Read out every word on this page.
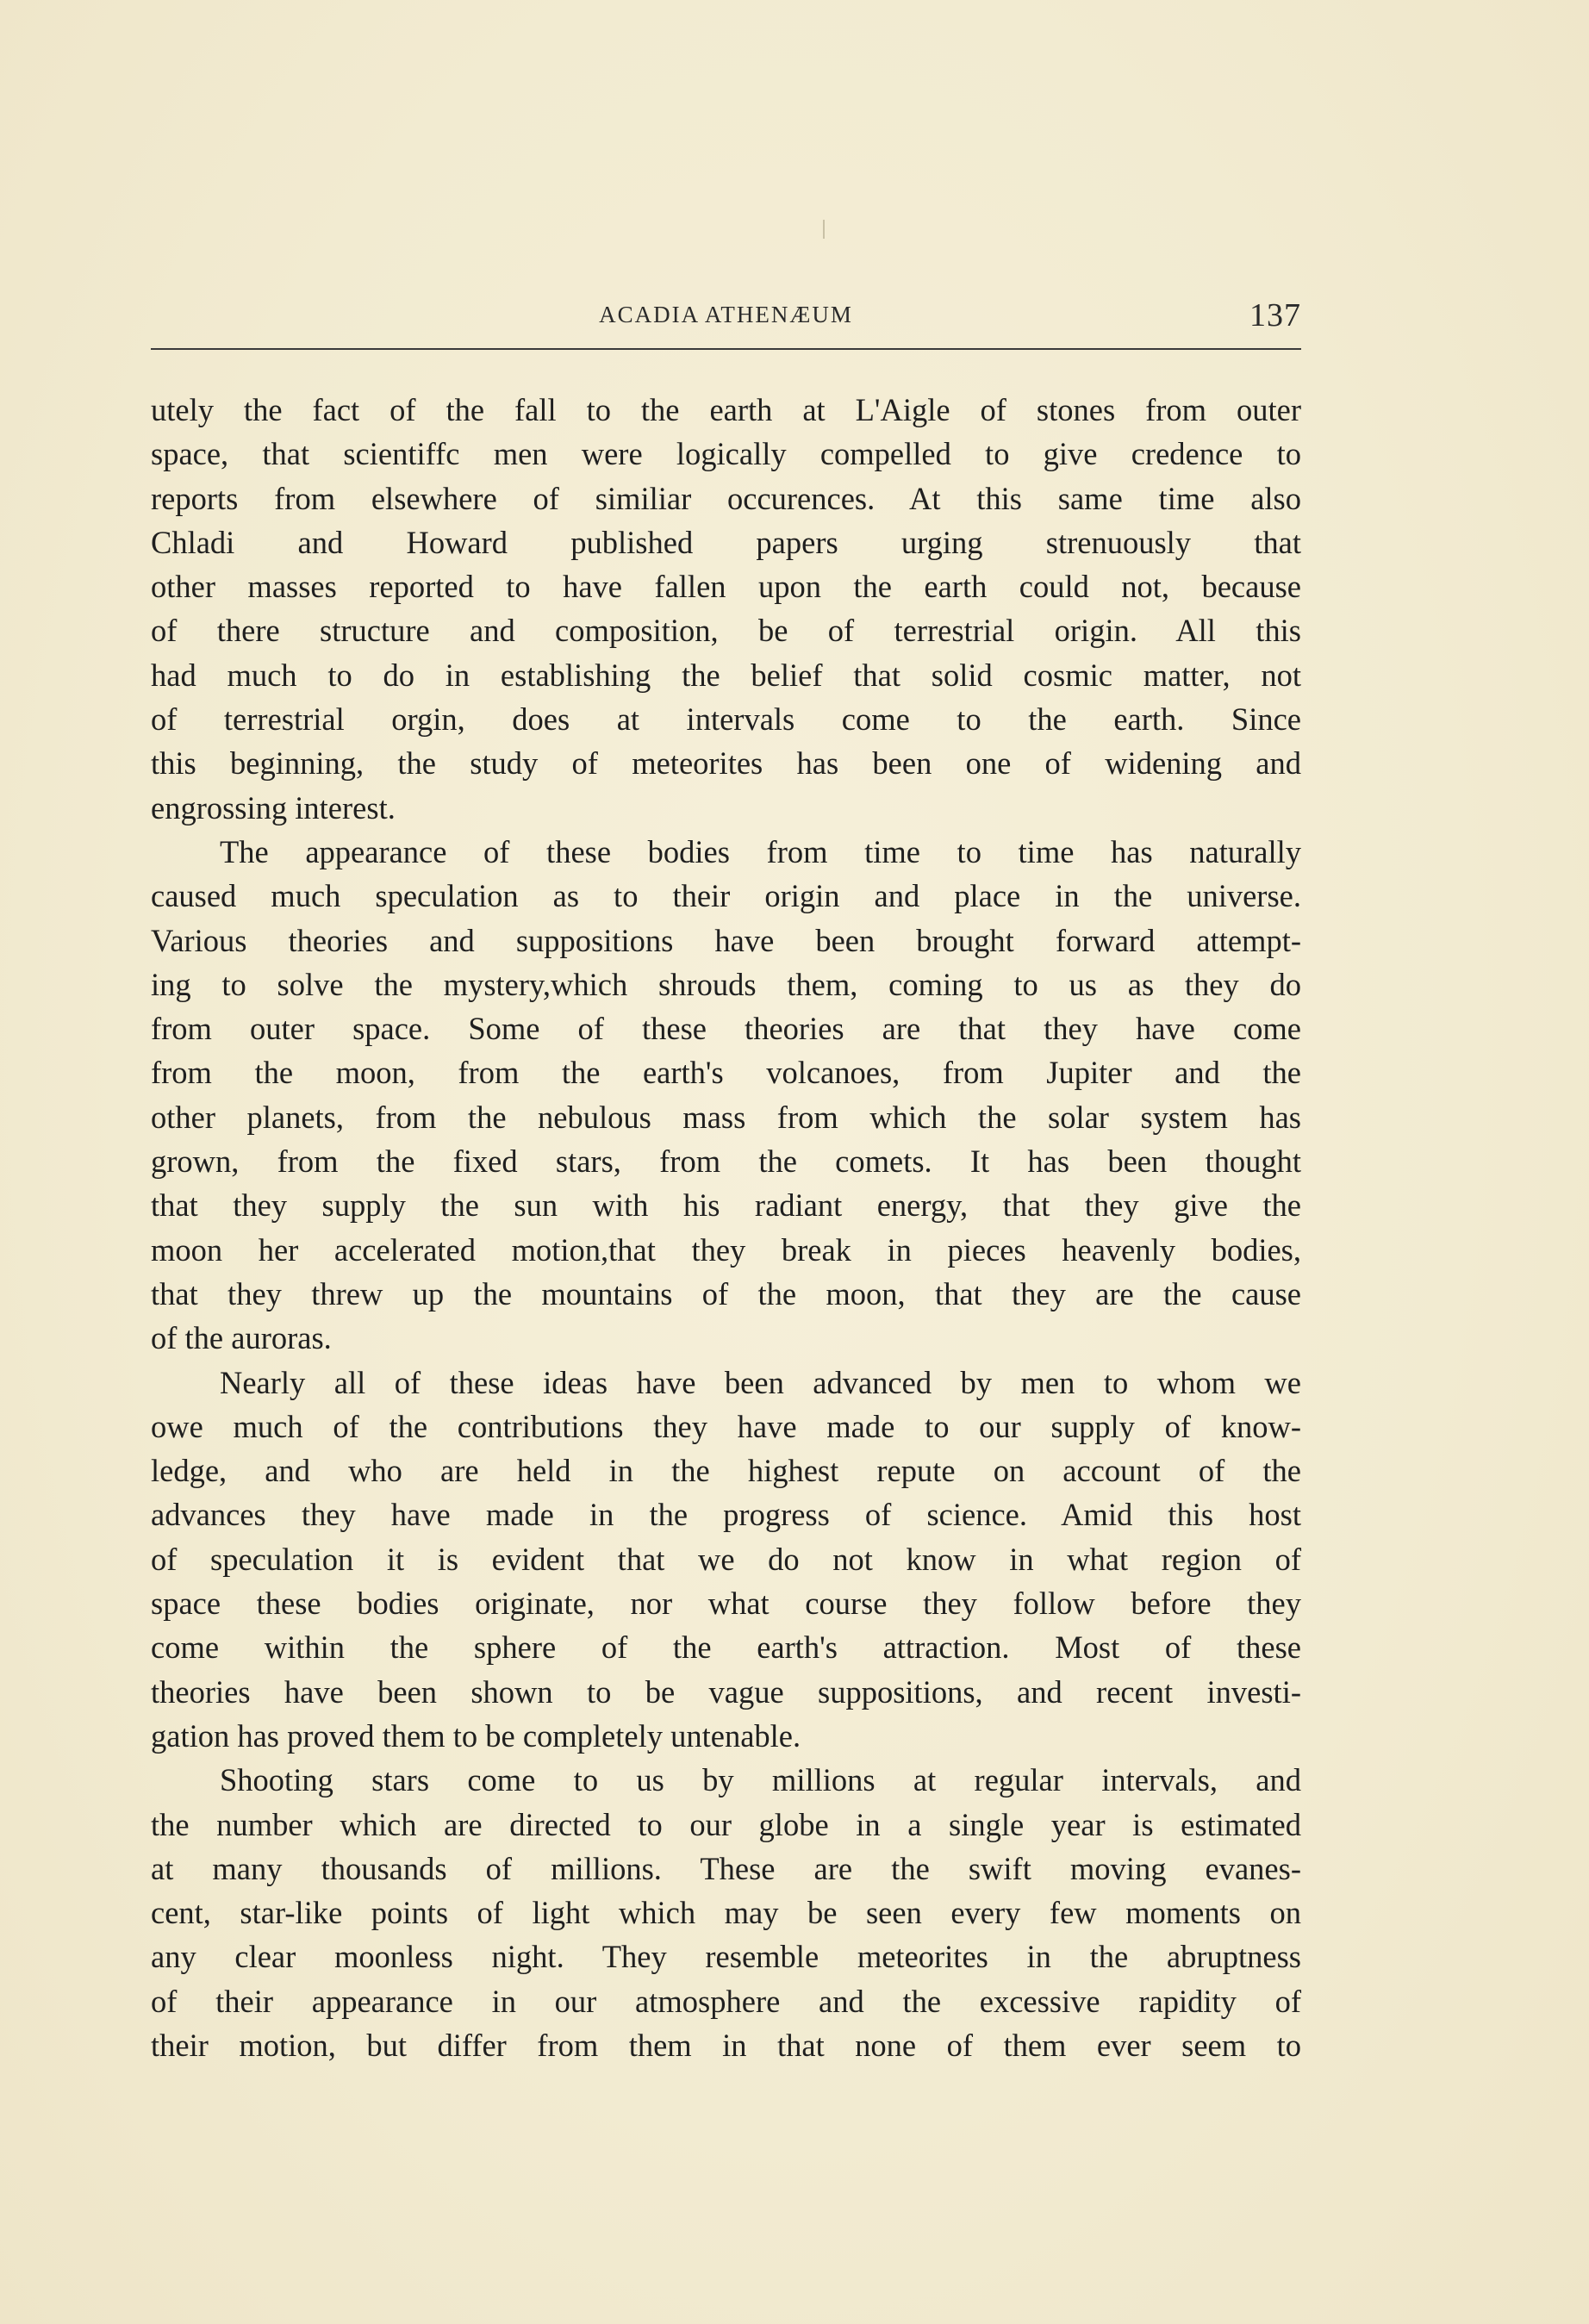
ACADIA ATHENÆUM	137
utely the fact of the fall to the earth at L'Aigle of stones from outer
space, that scientiffc men were logically compelled to give credence to
reports from elsewhere of similiar occurences. At this same time also
Chladi and Howard published papers urging strenuously that
other masses reported to have fallen upon the earth could not, because
of there structure and composition, be of terrestrial origin. All this
had much to do in establishing the belief that solid cosmic matter, not
of terrestrial orgin, does at intervals come to the earth. Since
this beginning, the study of meteorites has been one of widening and
engrossing interest.
The appearance of these bodies from time to time has naturally
caused much speculation as to their origin and place in the universe.
Various theories and suppositions have been brought forward attempt-
ing to solve the mystery,which shrouds them, coming to us as they do
from outer space. Some of these theories are that they have come
from the moon, from the earth's volcanoes, from Jupiter and the
other planets, from the nebulous mass from which the solar system has
grown, from the fixed stars, from the comets. It has been thought
that they supply the sun with his radiant energy, that they give the
moon her accelerated motion,that they break in pieces heavenly bodies,
that they threw up the mountains of the moon, that they are the cause
of the auroras.
Nearly all of these ideas have been advanced by men to whom we
owe much of the contributions they have made to our supply of know-
ledge, and who are held in the highest repute on account of the
advances they have made in the progress of science. Amid this host
of speculation it is evident that we do not know in what region of
space these bodies originate, nor what course they follow before they
come within the sphere of the earth's attraction. Most of these
theories have been shown to be vague suppositions, and recent investi-
gation has proved them to be completely untenable.
Shooting stars come to us by millions at regular intervals, and
the number which are directed to our globe in a single year is estimated
at many thousands of millions. These are the swift moving evanes-
cent, star-like points of light which may be seen every few moments on
any clear moonless night. They resemble meteorites in the abruptness
of their appearance in our atmosphere and the excessive rapidity of
their motion, but differ from them in that none of them ever seem to
